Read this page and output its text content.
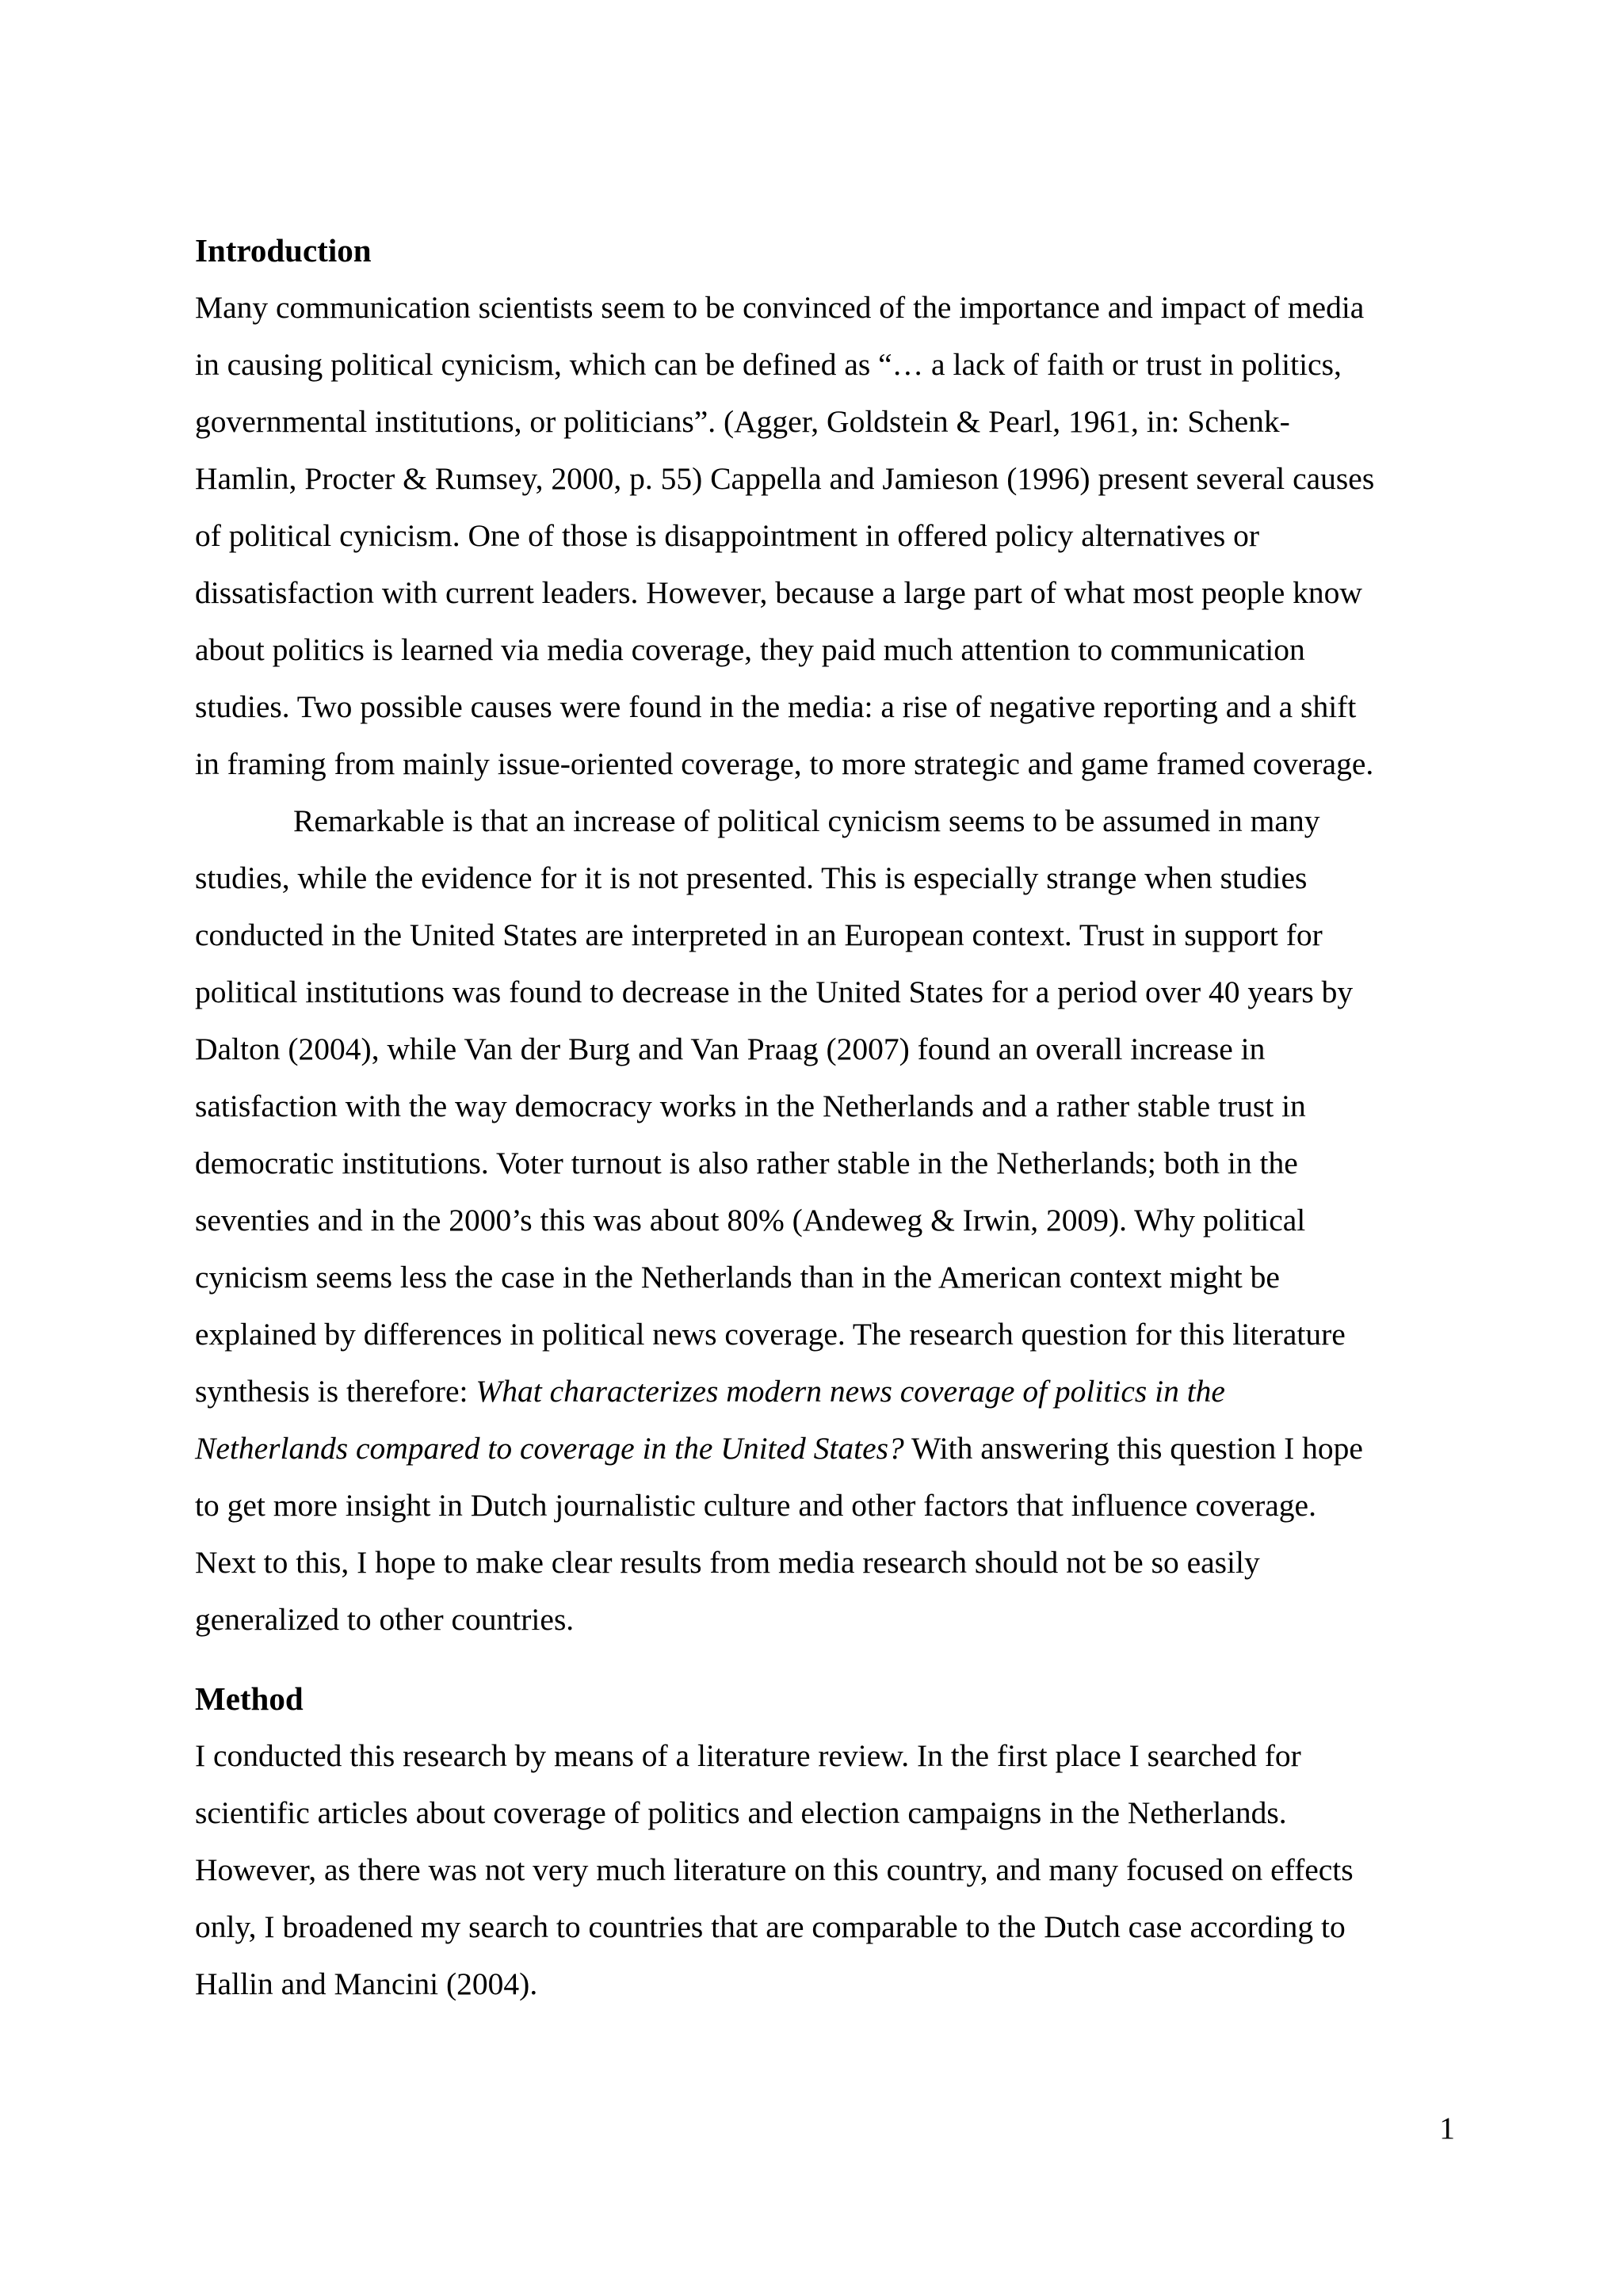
Introduction

Many communication scientists seem to be convinced of the importance and impact of media
in causing political cynicism, which can be defined as “… a lack of faith or trust in politics,
governmental institutions, or politicians”. (Agger, Goldstein & Pearl, 1961, in: Schenk-
Hamlin, Procter & Rumsey, 2000, p. 55) Cappella and Jamieson (1996) present several causes
of political cynicism. One of those is disappointment in offered policy alternatives or
dissatisfaction with current leaders. However, because a large part of what most people know
about politics is learned via media coverage, they paid much attention to communication
studies. Two possible causes were found in the media: a rise of negative reporting and a shift
in framing from mainly issue-oriented coverage, to more strategic and game framed coverage.

Remarkable is that an increase of political cynicism seems to be assumed in many
studies, while the evidence for it is not presented. This is especially strange when studies
conducted in the United States are interpreted in an European context. Trust in support for
political institutions was found to decrease in the United States for a period over 40 years by
Dalton (2004), while Van der Burg and Van Praag (2007) found an overall increase in
satisfaction with the way democracy works in the Netherlands and a rather stable trust in
democratic institutions. Voter turnout is also rather stable in the Netherlands; both in the
seventies and in the 2000’s this was about 80% (Andeweg & Irwin, 2009). Why political
cynicism seems less the case in the Netherlands than in the American context might be
explained by differences in political news coverage. The research question for this literature
synthesis is therefore: What characterizes modern news coverage of politics in the
Netherlands compared to coverage in the United States? With answering this question I hope
to get more insight in Dutch journalistic culture and other factors that influence coverage.
Next to this, I hope to make clear results from media research should not be so easily
generalized to other countries.

Method

I conducted this research by means of a literature review. In the first place I searched for
scientific articles about coverage of politics and election campaigns in the Netherlands.
However, as there was not very much literature on this country, and many focused on effects
only, I broadened my search to countries that are comparable to the Dutch case according to
Hallin and Mancini (2004).

1
